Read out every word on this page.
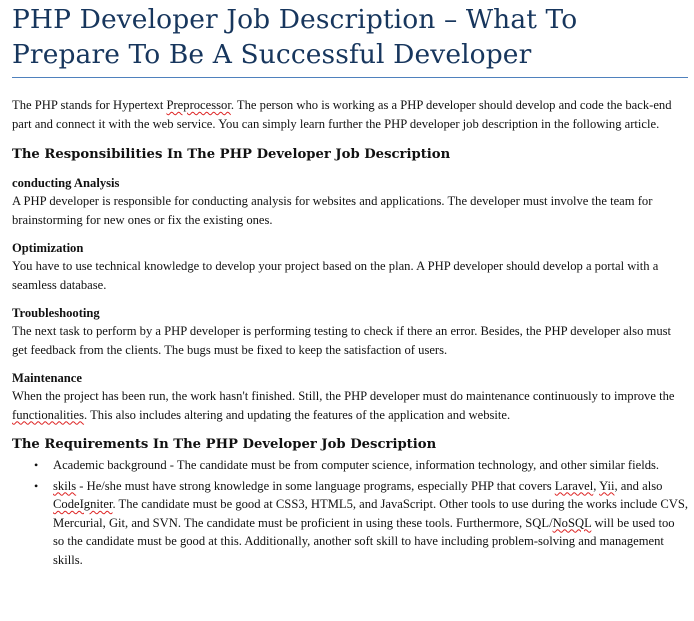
PHP Developer Job Description – What To Prepare To Be A Successful Developer

The PHP stands for Hypertext Preprocessor. The person who is working as a PHP developer should develop and code the back-end part and connect it with the web service. You can simply learn further the PHP developer job description in the following article.

The Responsibilities In The PHP Developer Job Description
conducting Analysis

A PHP developer is responsible for conducting analysis for websites and applications. The developer must involve the team for brainstorming for new ones or fix the existing ones.

Optimization

You have to use technical knowledge to develop your project based on the plan. A PHP developer should develop a portal with a seamless database.

Troubleshooting

The next task to perform by a PHP developer is performing testing to check if there an error. Besides, the PHP developer also must get feedback from the clients. The bugs must be fixed to keep the satisfaction of users.

Maintenance

When the project has been run, the work hasn't finished. Still, the PHP developer must do maintenance continuously to improve the functionalities. This also includes altering and updating the features of the application and website.

The Requirements In The PHP Developer Job Description
• Academic background - The candidate must be from computer science, information technology, and other similar fields.
• skils - He/she must have strong knowledge in some language programs, especially PHP that covers Laravel, Yii, and also CodeIgniter. The candidate must be good at CSS3, HTML5, and JavaScript. Other tools to use during the works include CVS, Mercurial, Git, and SVN. The candidate must be proficient in using these tools. Furthermore, SQL/NoSQL will be used too so the candidate must be good at this. Additionally, another soft skill to have including problem-solving and management skills.
